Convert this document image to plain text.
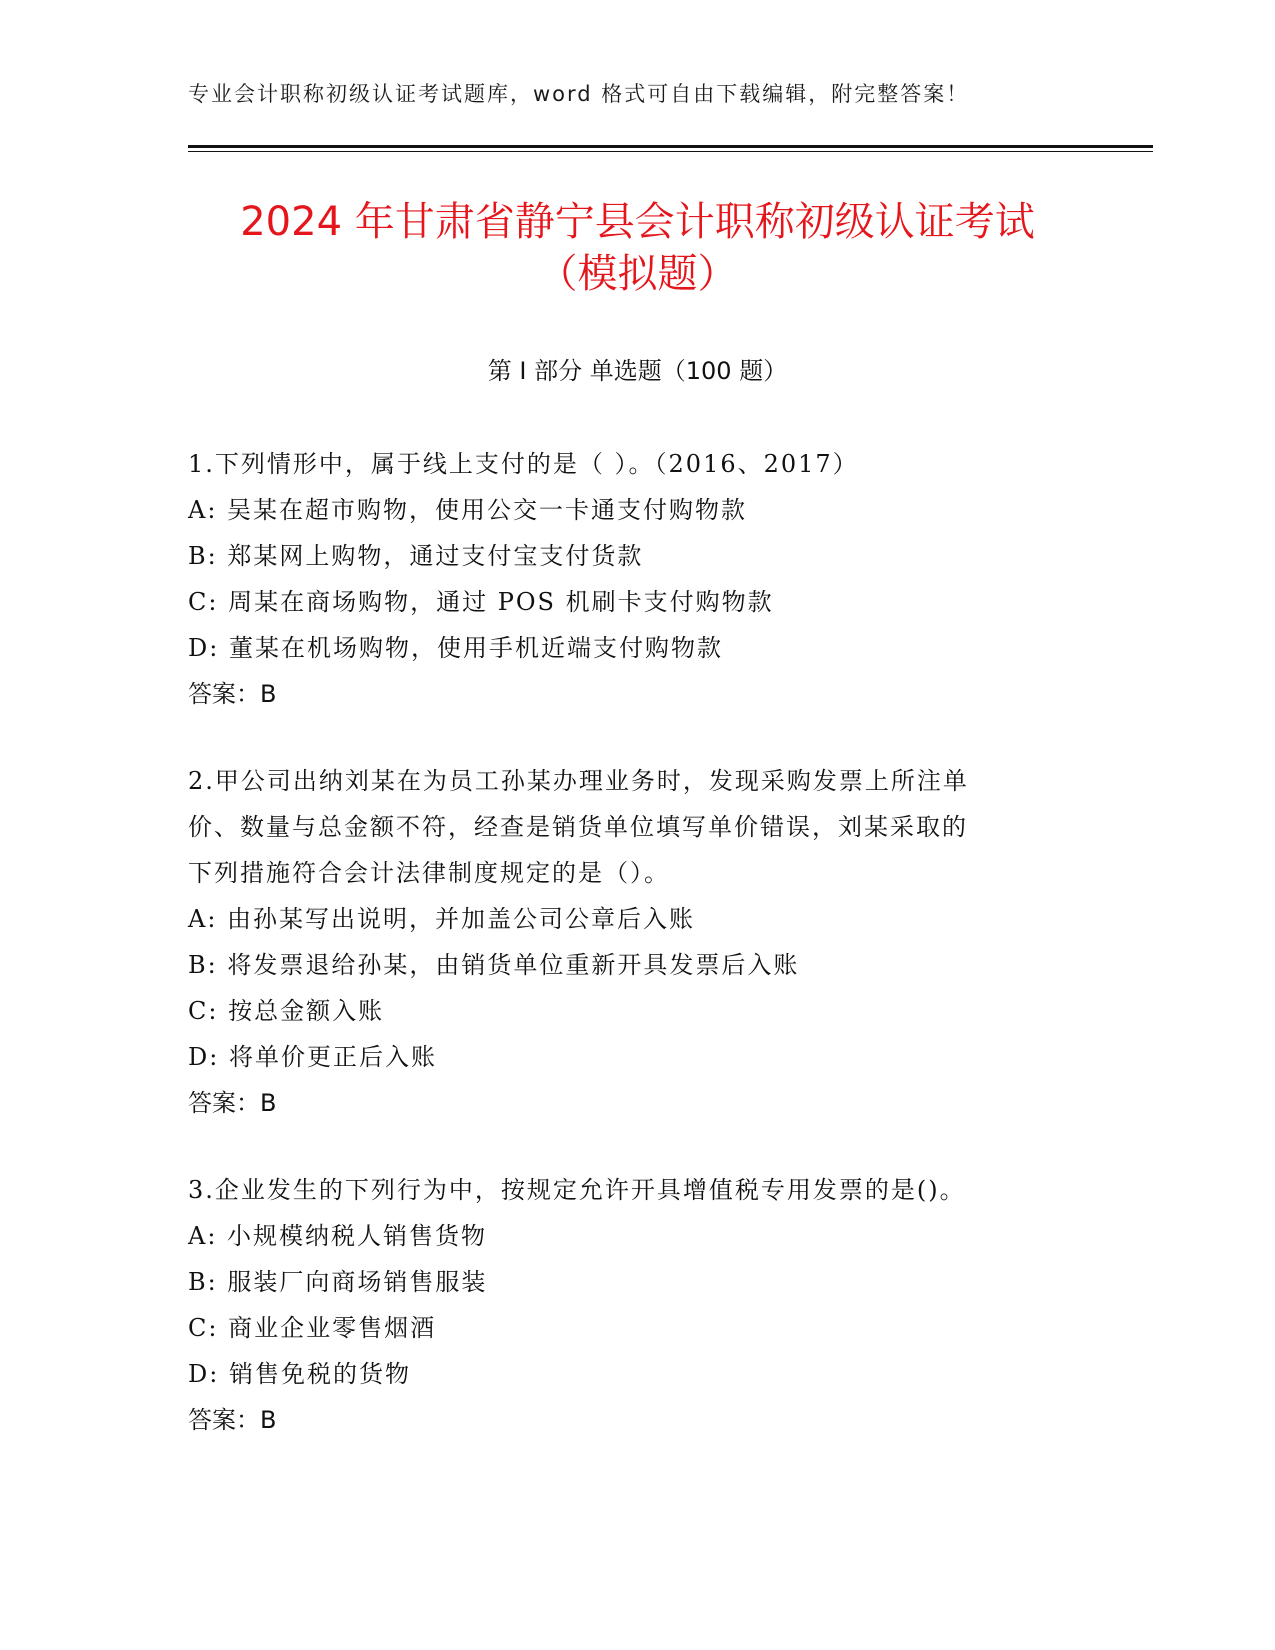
专业会计职称初级认证考试题库，word 格式可自由下载编辑，附完整答案！
2024 年甘肃省静宁县会计职称初级认证考试
（模拟题）
第 I 部分 单选题（100 题）
1.下列情形中，属于线上支付的是（ ）。（2016、2017）
A: 吴某在超市购物，使用公交一卡通支付购物款
B: 郑某网上购物，通过支付宝支付货款
C: 周某在商场购物，通过 POS 机刷卡支付购物款
D: 董某在机场购物，使用手机近端支付购物款
答案：B
2.甲公司出纳刘某在为员工孙某办理业务时，发现采购发票上所注单
价、数量与总金额不符，经查是销货单位填写单价错误，刘某采取的
下列措施符合会计法律制度规定的是（）。
A: 由孙某写出说明，并加盖公司公章后入账
B: 将发票退给孙某，由销货单位重新开具发票后入账
C: 按总金额入账
D: 将单价更正后入账
答案：B
3.企业发生的下列行为中，按规定允许开具增值税专用发票的是()。
A: 小规模纳税人销售货物
B: 服装厂向商场销售服装
C: 商业企业零售烟酒
D: 销售免税的货物
答案：B
